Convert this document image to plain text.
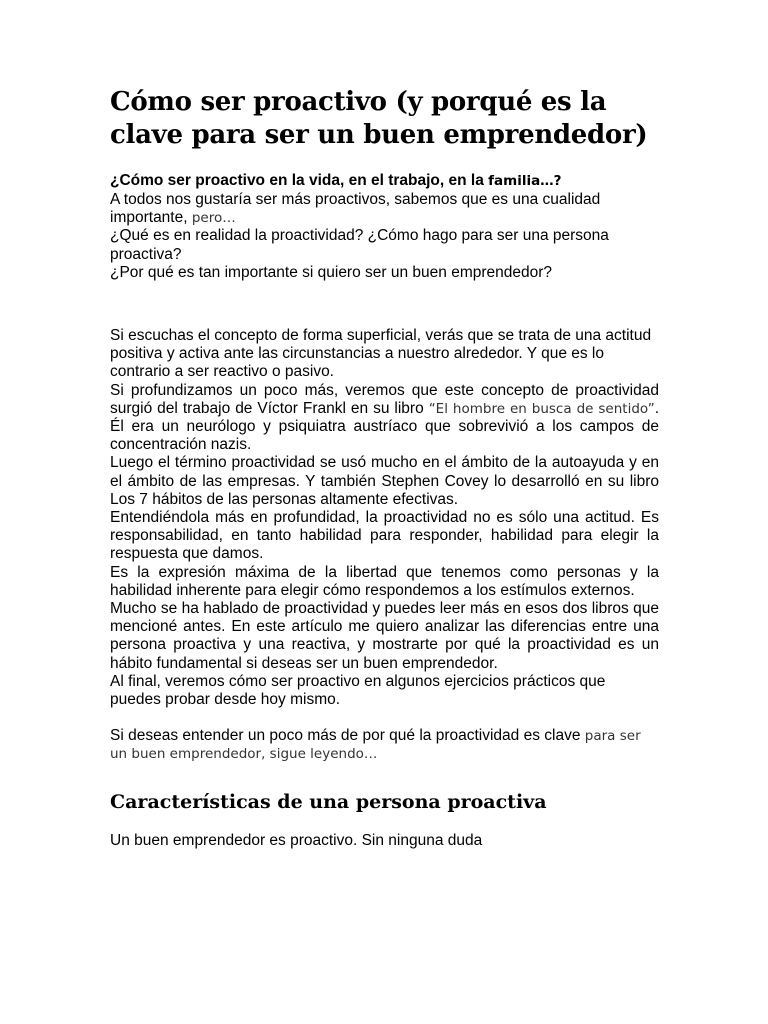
Cómo ser proactivo (y porqué es la clave para ser un buen emprendedor)

¿Cómo ser proactivo en la vida, en el trabajo, en la familia…?

A todos nos gustaría ser más proactivos, sabemos que es una cualidad importante, pero…

¿Qué es en realidad la proactividad? ¿Cómo hago para ser una persona proactiva?

¿Por qué es tan importante si quiero ser un buen emprendedor?

Si escuchas el concepto de forma superficial, verás que se trata de una actitud positiva y activa ante las circunstancias a nuestro alrededor. Y que es lo contrario a ser reactivo o pasivo.

Si profundizamos un poco más, veremos que este concepto de proactividad surgió del trabajo de Víctor Frankl en su libro “El hombre en busca de sentido”. Él era un neurólogo y psiquiatra austríaco que sobrevivió a los campos de concentración nazis.

Luego el término proactividad se usó mucho en el ámbito de la autoayuda y en el ámbito de las empresas. Y también Stephen Covey lo desarrolló en su libro Los 7 hábitos de las personas altamente efectivas.

Entendiéndola más en profundidad, la proactividad no es sólo una actitud. Es responsabilidad, en tanto habilidad para responder, habilidad para elegir la respuesta que damos.

Es la expresión máxima de la libertad que tenemos como personas y la habilidad inherente para elegir cómo respondemos a los estímulos externos.

Mucho se ha hablado de proactividad y puedes leer más en esos dos libros que mencioné antes. En este artículo me quiero analizar las diferencias entre una persona proactiva y una reactiva, y mostrarte por qué la proactividad es un hábito fundamental si deseas ser un buen emprendedor.

Al final, veremos cómo ser proactivo en algunos ejercicios prácticos que puedes probar desde hoy mismo.

Si deseas entender un poco más de por qué la proactividad es clave para ser un buen emprendedor, sigue leyendo…

Características de una persona proactiva

Un buen emprendedor es proactivo. Sin ninguna duda
